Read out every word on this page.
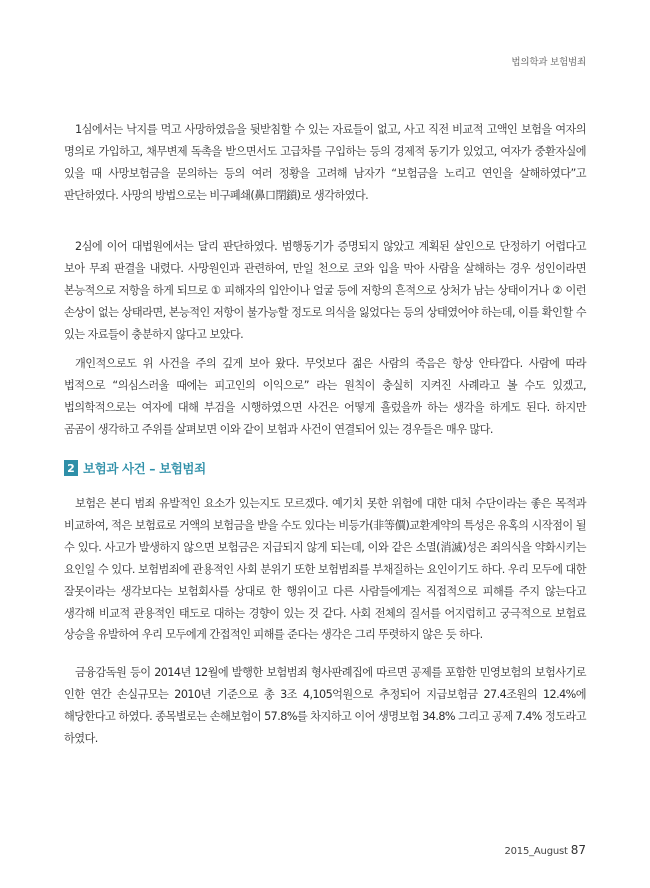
법의학과 보험범죄

1심에서는 낙지를 먹고 사망하였음을 뒷받침할 수 있는 자료들이 없고, 사고 직전 비교적 고액인 보험을 여자의 명의로 가입하고, 채무변제 독촉을 받으면서도 고급차를 구입하는 등의 경제적 동기가 있었고, 여자가 중환자실에 있을 때 사망보험금을 문의하는 등의 여러 정황을 고려해 남자가 “보험금을 노리고 연인을 살해하였다”고 판단하였다. 사망의 방법으로는 비구폐쇄(鼻口閉鎖)로 생각하였다.

2심에 이어 대법원에서는 달리 판단하였다. 범행동기가 증명되지 않았고 계획된 살인으로 단정하기 어렵다고 보아 무죄 판결을 내렸다. 사망원인과 관련하여, 만일 천으로 코와 입을 막아 사람을 살해하는 경우 성인이라면 본능적으로 저항을 하게 되므로 ① 피해자의 입안이나 얼굴 등에 저항의 흔적으로 상처가 남는 상태이거나 ② 이런 손상이 없는 상태라면, 본능적인 저항이 불가능할 정도로 의식을 잃었다는 등의 상태였어야 하는데, 이를 확인할 수 있는 자료들이 충분하지 않다고 보았다.

개인적으로도 위 사건을 주의 깊게 보아 왔다. 무엇보다 젊은 사람의 죽음은 항상 안타깝다. 사람에 따라 법적으로 “의심스러울 때에는 피고인의 이익으로” 라는 원칙이 충실히 지켜진 사례라고 볼 수도 있겠고, 법의학적으로는 여자에 대해 부검을 시행하였으면 사건은 어떻게 흘렀을까 하는 생각을 하게도 된다. 하지만 곰곰이 생각하고 주위를 살펴보면 이와 같이 보험과 사건이 연결되어 있는 경우들은 매우 많다.

2 보험과 사건 – 보험범죄

보험은 본디 범죄 유발적인 요소가 있는지도 모르겠다. 예기치 못한 위험에 대한 대처 수단이라는 좋은 목적과 비교하여, 적은 보험료로 거액의 보험금을 받을 수도 있다는 비등가(非等價)교환계약의 특성은 유혹의 시작점이 될 수 있다. 사고가 발생하지 않으면 보험금은 지급되지 않게 되는데, 이와 같은 소멸(消滅)성은 죄의식을 약화시키는 요인일 수 있다. 보험범죄에 관용적인 사회 분위기 또한 보험범죄를 부채질하는 요인이기도 하다. 우리 모두에 대한 잘못이라는 생각보다는 보험회사를 상대로 한 행위이고 다른 사람들에게는 직접적으로 피해를 주지 않는다고 생각해 비교적 관용적인 태도로 대하는 경향이 있는 것 같다. 사회 전체의 질서를 어지럽히고 궁극적으로 보험료 상승을 유발하여 우리 모두에게 간접적인 피해를 준다는 생각은 그리 뚜렷하지 않은 듯 하다.

금융감독원 등이 2014년 12월에 발행한 보험범죄 형사판례집에 따르면 공제를 포함한 민영보험의 보험사기로 인한 연간 손실규모는 2010년 기준으로 총 3조 4,105억원으로 추정되어 지급보험금 27.4조원의 12.4%에 해당한다고 하였다. 종목별로는 손해보험이 57.8%를 차지하고 이어 생명보험 34.8% 그리고 공제 7.4% 정도라고 하였다.

2015_August 87
